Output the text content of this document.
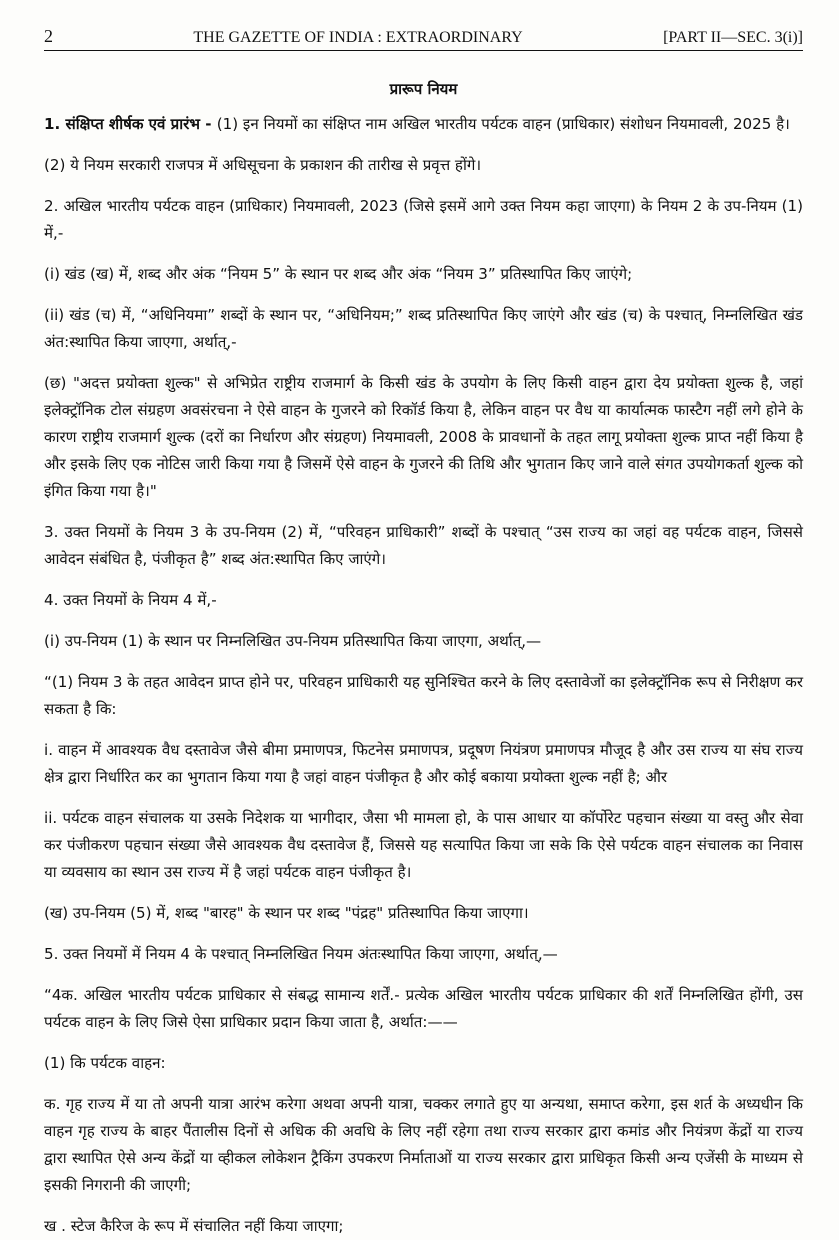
2	THE GAZETTE OF INDIA : EXTRAORDINARY	[PART II—SEC. 3(i)]
प्रारूप नियम

1. संक्षिप्त शीर्षक एवं प्रारंभ - (1) इन नियमों का संक्षिप्त नाम अखिल भारतीय पर्यटक वाहन (प्राधिकार) संशोधन नियमावली, 2025 है।

(2) ये नियम सरकारी राजपत्र में अधिसूचना के प्रकाशन की तारीख से प्रवृत्त होंगे।

2. अखिल भारतीय पर्यटक वाहन (प्राधिकार) नियमावली, 2023 (जिसे इसमें आगे उक्त नियम कहा जाएगा) के नियम 2 के उप-नियम (1) में,-

(i) खंड (ख) में, शब्द और अंक “नियम 5” के स्थान पर शब्द और अंक “नियम 3” प्रतिस्थापित किए जाएंगे;

(ii) खंड (च) में, “अधिनियमा” शब्दों के स्थान पर, “अधिनियम;” शब्द प्रतिस्थापित किए जाएंगे और खंड (च) के पश्चात्, निम्नलिखित खंड अंत:स्थापित किया जाएगा, अर्थात्,-

(छ) "अदत्त प्रयोक्ता शुल्क" से अभिप्रेत राष्ट्रीय राजमार्ग के किसी खंड के उपयोग के लिए किसी वाहन द्वारा देय प्रयोक्ता शुल्क है, जहां इलेक्ट्रॉनिक टोल संग्रहण अवसंरचना ने ऐसे वाहन के गुजरने को रिकॉर्ड किया है, लेकिन वाहन पर वैध या कार्यात्मक फास्टैग नहीं लगे होने के कारण राष्ट्रीय राजमार्ग शुल्क (दरों का निर्धारण और संग्रहण) नियमावली, 2008 के प्रावधानों के तहत लागू प्रयोक्ता शुल्क प्राप्त नहीं किया है और इसके लिए एक नोटिस जारी किया गया है जिसमें ऐसे वाहन के गुजरने की तिथि और भुगतान किए जाने वाले संगत उपयोगकर्ता शुल्क को इंगित किया गया है।"

3. उक्त नियमों के नियम 3 के उप-नियम (2) में, “परिवहन प्राधिकारी” शब्दों के पश्चात् “उस राज्य का जहां वह पर्यटक वाहन, जिससे आवेदन संबंधित है, पंजीकृत है” शब्द अंत:स्थापित किए जाएंगे।

4. उक्त नियमों के नियम 4 में,-

(i) उप-नियम (1) के स्थान पर निम्नलिखित उप-नियम प्रतिस्थापित किया जाएगा, अर्थात्,—

“(1) नियम 3 के तहत आवेदन प्राप्त होने पर, परिवहन प्राधिकारी यह सुनिश्चित करने के लिए दस्तावेजों का इलेक्ट्रॉनिक रूप से निरीक्षण कर सकता है कि:

i. वाहन में आवश्यक वैध दस्तावेज जैसे बीमा प्रमाणपत्र, फिटनेस प्रमाणपत्र, प्रदूषण नियंत्रण प्रमाणपत्र मौजूद है और उस राज्य या संघ राज्य क्षेत्र द्वारा निर्धारित कर का भुगतान किया गया है जहां वाहन पंजीकृत है और कोई बकाया प्रयोक्ता शुल्क नहीं है; और

ii. पर्यटक वाहन संचालक या उसके निदेशक या भागीदार, जैसा भी मामला हो, के पास आधार या कॉर्पोरेट पहचान संख्या या वस्तु और सेवा कर पंजीकरण पहचान संख्या जैसे आवश्यक वैध दस्तावेज हैं, जिससे यह सत्यापित किया जा सके कि ऐसे पर्यटक वाहन संचालक का निवास या व्यवसाय का स्थान उस राज्य में है जहां पर्यटक वाहन पंजीकृत है।

(ख) उप-नियम (5) में, शब्द "बारह" के स्थान पर शब्द "पंद्रह" प्रतिस्थापित किया जाएगा।

5. उक्त नियमों में नियम 4 के पश्चात् निम्नलिखित नियम अंतःस्थापित किया जाएगा, अर्थात्,—

“4क. अखिल भारतीय पर्यटक प्राधिकार से संबद्ध सामान्य शर्तें.- प्रत्येक अखिल भारतीय पर्यटक प्राधिकार की शर्तें निम्नलिखित होंगी, उस पर्यटक वाहन के लिए जिसे ऐसा प्राधिकार प्रदान किया जाता है, अर्थात:——

(1) कि पर्यटक वाहन:

क. गृह राज्य में या तो अपनी यात्रा आरंभ करेगा अथवा अपनी यात्रा, चक्कर लगाते हुए या अन्यथा, समाप्त करेगा, इस शर्त के अध्यधीन कि वाहन गृह राज्य के बाहर पैंतालीस दिनों से अधिक की अवधि के लिए नहीं रहेगा तथा राज्य सरकार द्वारा कमांड और नियंत्रण केंद्रों या राज्य द्वारा स्थापित ऐसे अन्य केंद्रों या व्हीकल लोकेशन ट्रैकिंग उपकरण निर्माताओं या राज्य सरकार द्वारा प्राधिकृत किसी अन्य एजेंसी के माध्यम से इसकी निगरानी की जाएगी;

ख . स्टेज कैरिज के रूप में संचालित नहीं किया जाएगा;
